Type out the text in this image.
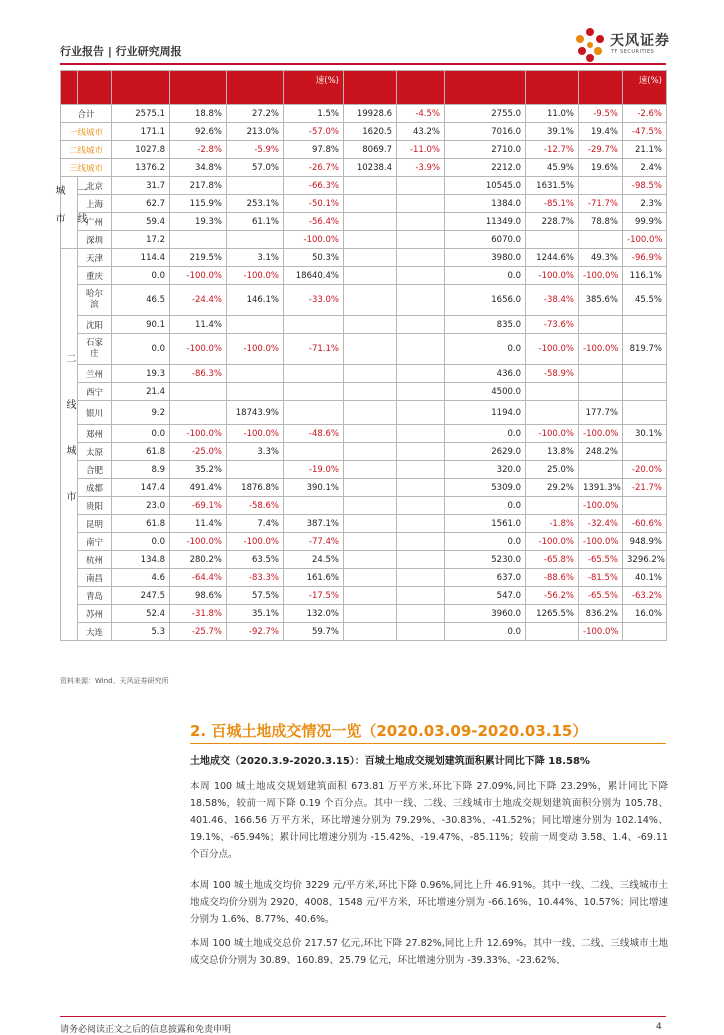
行业报告 | 行业研究周报
天风证券
TF SECURITIES
					速(%)						速(%)
合计		2575.1	18.8%	27.2%	1.5%	19928.6	-4.5%	2755.0	11.0%	-9.5%	-2.6%
一线城市		171.1	92.6%	213.0%	-57.0%	1620.5	43.2%	7016.0	39.1%	19.4%	-47.5%
二线城市		1027.8	-2.8%	-5.9%	97.8%	8069.7	-11.0%	2710.0	-12.7%	-29.7%	21.1%
三线城市		1376.2	34.8%	57.0%	-26.7%	10238.4	-3.9%	2212.0	45.9%	19.6%	2.4%
一线城市	北京	31.7	217.8%		-66.3%			10545.0	1631.5%		-98.5%
	上海	62.7	115.9%	253.1%	-50.1%			1384.0	-85.1%	-71.7%	2.3%
	广州	59.4	19.3%	61.1%	-56.4%			11349.0	228.7%	78.8%	99.9%
	深圳	17.2			-100.0%			6070.0			-100.0%
二线城市	天津	114.4	219.5%	3.1%	50.3%			3980.0	1244.6%	49.3%	-96.9%
	重庆	0.0	-100.0%	-100.0%	18640.4%			0.0	-100.0%	-100.0%	116.1%
	哈尔滨	46.5	-24.4%	146.1%	-33.0%			1656.0	-38.4%	385.6%	45.5%
	沈阳	90.1	11.4%					835.0	-73.6%		
	石家庄	0.0	-100.0%	-100.0%	-71.1%			0.0	-100.0%	-100.0%	819.7%
	兰州	19.3	-86.3%					436.0	-58.9%		
	西宁	21.4						4500.0			
	银川	9.2		18743.9%				1194.0		177.7%	
	郑州	0.0	-100.0%	-100.0%	-48.6%			0.0	-100.0%	-100.0%	30.1%
	太原	61.8	-25.0%	3.3%				2629.0	13.8%	248.2%	
	合肥	8.9	35.2%		-19.0%			320.0	25.0%		-20.0%
	成都	147.4	491.4%	1876.8%	390.1%			5309.0	29.2%	1391.3%	-21.7%
	贵阳	23.0	-69.1%	-58.6%				0.0		-100.0%	
	昆明	61.8	11.4%	7.4%	387.1%			1561.0	-1.8%	-32.4%	-60.6%
	南宁	0.0	-100.0%	-100.0%	-77.4%			0.0	-100.0%	-100.0%	948.9%
	杭州	134.8	280.2%	63.5%	24.5%			5230.0	-65.8%	-65.5%	3296.2%
	南昌	4.6	-64.4%	-83.3%	161.6%			637.0	-88.6%	-81.5%	40.1%
	青岛	247.5	98.6%	57.5%	-17.5%			547.0	-56.2%	-65.5%	-63.2%
	苏州	52.4	-31.8%	35.1%	132.0%			3960.0	1265.5%	836.2%	16.0%
	大连	5.3	-25.7%	-92.7%	59.7%			0.0		-100.0%	
资料来源：Wind、天风证券研究所
2. 百城土地成交情况一览（2020.03.09-2020.03.15）
土地成交（2020.3.9-2020.3.15）：百城土地成交规划建筑面积累计同比下降 18.58%
本周 100 城土地成交规划建筑面积 673.81 万平方米,环比下降 27.09%,同比下降 23.29%，累计同比下降 18.58%，较前一周下降 0.19 个百分点。其中一线、二线、三线城市土地成交规划建筑面积分别为 105.78、401.46、166.56 万平方米，环比增速分别为 79.29%、-30.83%、-41.52%；同比增速分别为 102.14%、19.1%、-65.94%；累计同比增速分别为 -15.42%、-19.47%、-85.11%；较前一周变动 3.58、1.4、-69.11 个百分点。
本周 100 城土地成交均价 3229 元/平方米,环比下降 0.96%,同比上升 46.91%。其中一线、二线、三线城市土地成交均价分别为 2920、4008、1548 元/平方米，环比增速分别为 -66.16%、10.44%、10.57%；同比增速分别为 1.6%、8.77%、40.6%。
本周 100 城土地成交总价 217.57 亿元,环比下降 27.82%,同比上升 12.69%。其中一线、二线、三线城市土地成交总价分别为 30.89、160.89、25.79 亿元，环比增速分别为 -39.33%、-23.62%、
请务必阅读正文之后的信息披露和免责申明	4
